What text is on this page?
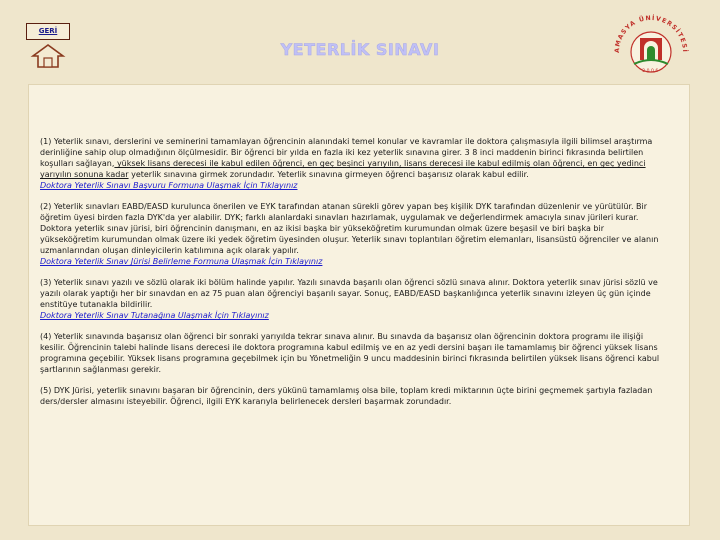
GERİ
YETERLİK SINAVI	AMASYA ÜNİVERSİTESİ
2006

(1) Yeterlik sınavı, derslerini ve seminerini tamamlayan öğrencinin alanındaki temel konular ve kavramlar ile doktora çalışmasıyla ilgili bilimsel araştırma derinliğine sahip olup olmadığının ölçülmesidir. Bir öğrenci bir yılda en fazla iki kez yeterlik sınavına girer. 3 8 inci maddenin birinci fıkrasında belirtilen koşulları sağlayan, yüksek lisans derecesi ile kabul edilen öğrenci, en geç beşinci yarıyılın, lisans derecesi ile kabul edilmiş olan öğrenci, en geç yedinci yarıyılın sonuna kadar yeterlik sınavına girmek zorundadır. Yeterlik sınavına girmeyen öğrenci başarısız olarak kabul edilir.

Doktora Yeterlik Sınavı Başvuru Formuna Ulaşmak İçin Tıklayınız

(2) Yeterlik sınavları EABD/EASD kurulunca önerilen ve EYK tarafından atanan sürekli görev yapan beş kişilik DYK tarafından düzenlenir ve yürütülür. Bir öğretim üyesi birden fazla DYK'da yer alabilir. DYK; farklı alanlardaki sınavları hazırlamak, uygulamak ve değerlendirmek amacıyla sınav jürileri kurar. Doktora yeterlik sınav jürisi, biri öğrencinin danışmanı, en az ikisi başka bir yükseköğretim kurumundan olmak üzere beşasil ve biri başka bir yükseköğretim kurumundan olmak üzere iki yedek öğretim üyesinden oluşur. Yeterlik sınavı toplantıları öğretim elemanları, lisansüstü öğrenciler ve alanın uzmanlarından oluşan dinleyicilerin katılımına açık olarak yapılır.

Doktora Yeterlik Sınav Jürisi Belirleme Formuna Ulaşmak İçin Tıklayınız

(3) Yeterlik sınavı yazılı ve sözlü olarak iki bölüm halinde yapılır. Yazılı sınavda başarılı olan öğrenci sözlü sınava alınır. Doktora yeterlik sınav jürisi sözlü ve yazılı olarak yaptığı her bir sınavdan en az 75 puan alan öğrenciyi başarılı sayar. Sonuç, EABD/EASD başkanlığınca yeterlik sınavını izleyen üç gün içinde enstitüye tutanakla bildirilir.

Doktora Yeterlik Sınav Tutanağına Ulaşmak İçin Tıklayınız

(4) Yeterlik sınavında başarısız olan öğrenci bir sonraki yarıyılda tekrar sınava alınır. Bu sınavda da başarısız olan öğrencinin doktora programı ile ilişiği kesilir. Öğrencinin talebi halinde lisans derecesi ile doktora programına kabul edilmiş ve en az yedi dersini başarı ile tamamlamış bir öğrenci yüksek lisans programına geçebilir. Yüksek lisans programına geçebilmek için bu Yönetmeliğin 9 uncu maddesinin birinci fıkrasında belirtilen yüksek lisans öğrenci kabul şartlarının sağlanması gerekir.

(5) DYK Jürisi, yeterlik sınavını başaran bir öğrencinin, ders yükünü tamamlamış olsa bile, toplam kredi miktarının üçte birini geçmemek şartıyla fazladan ders/dersler almasını isteyebilir. Öğrenci, ilgili EYK kararıyla belirlenecek dersleri başarmak zorundadır.
